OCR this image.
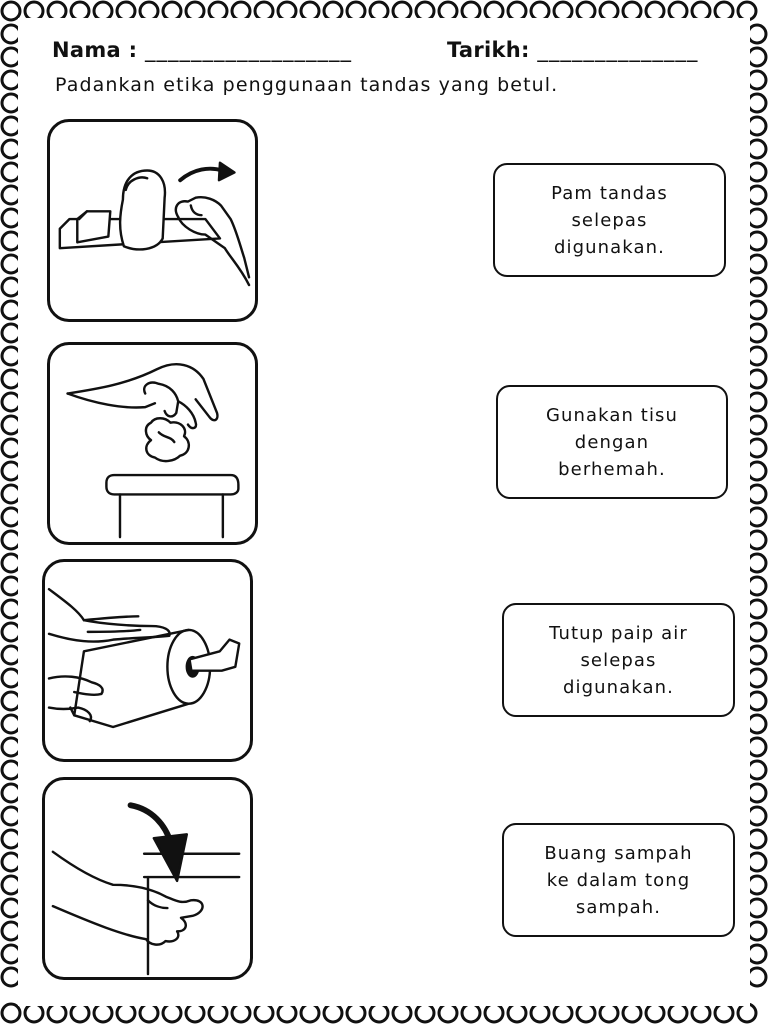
Nama : __________________	Tarikh: ______________
Padankan etika penggunaan tandas yang betul.
Pam tandas
selepas
digunakan.
Gunakan tisu
dengan
berhemah.
Tutup paip air
selepas
digunakan.
Buang sampah
ke dalam tong
sampah.
